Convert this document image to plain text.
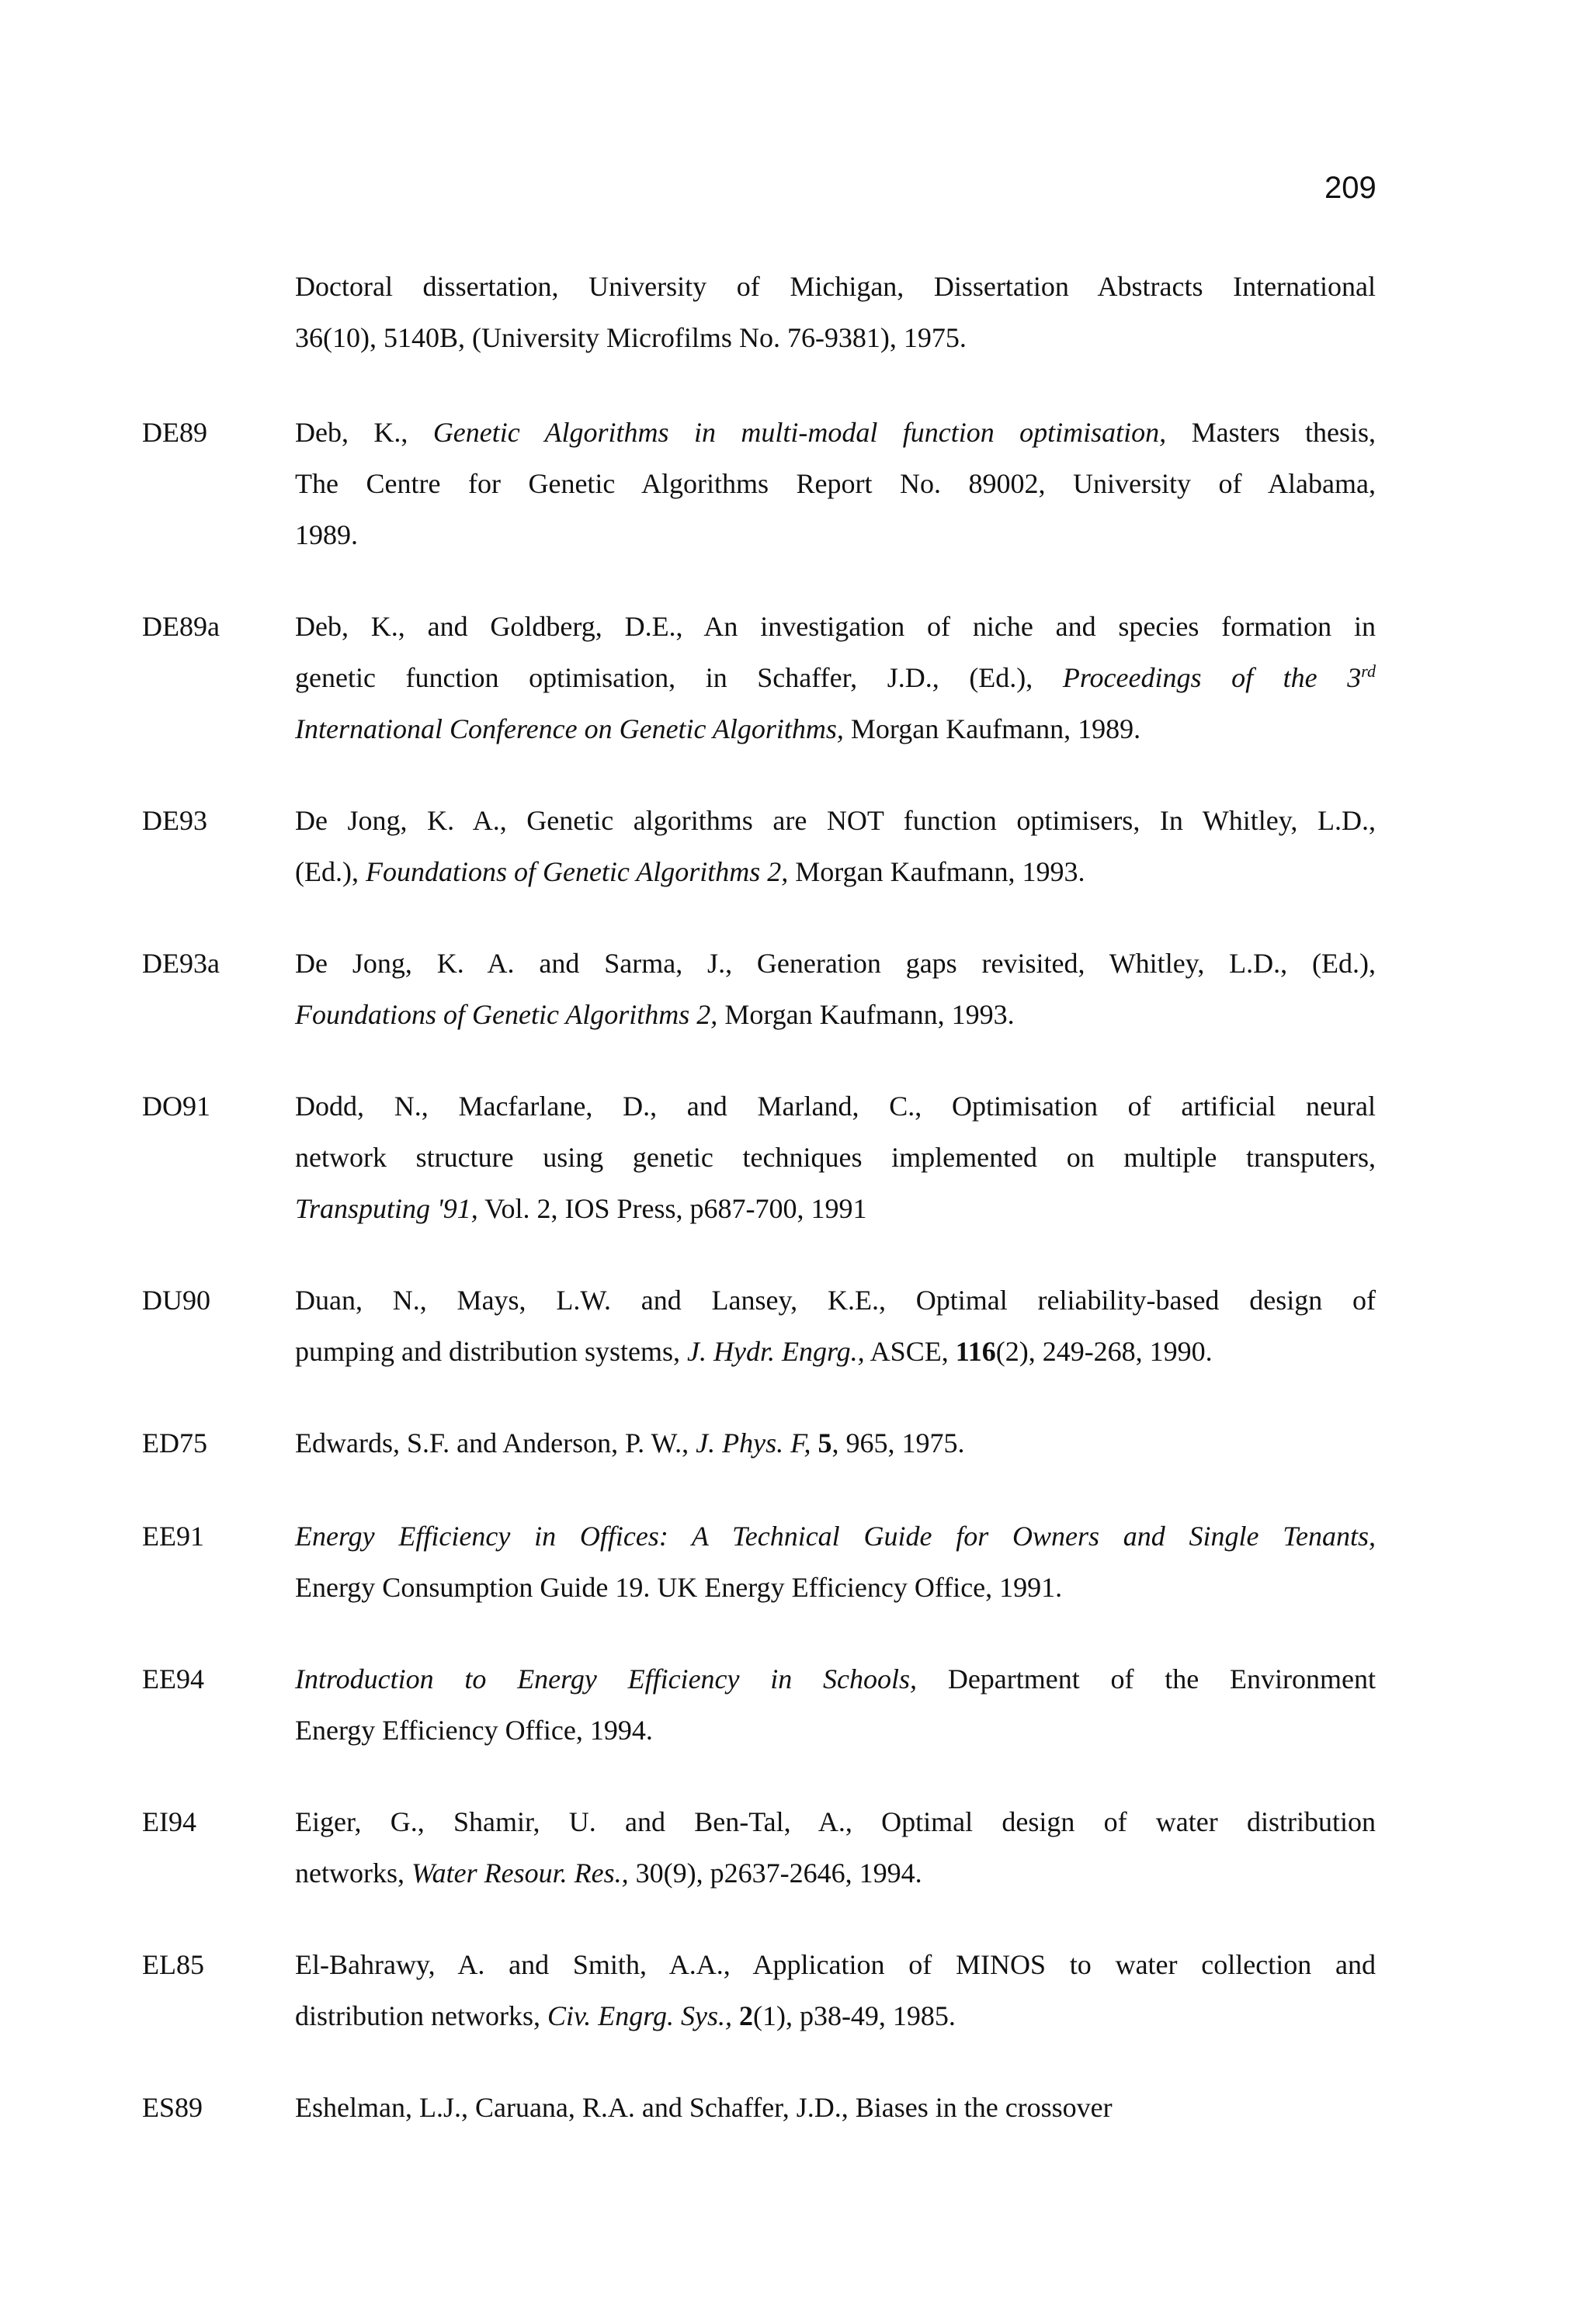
209
Doctoral dissertation, University of Michigan, Dissertation Abstracts International
36(10), 5140B, (University Microfilms No. 76-9381), 1975.
DE89	Deb, K., Genetic Algorithms in multi-modal function optimisation, Masters thesis,
The Centre for Genetic Algorithms Report No. 89002, University of Alabama,
1989.
DE89a	Deb, K., and Goldberg, D.E., An investigation of niche and species formation in
genetic function optimisation, in Schaffer, J.D., (Ed.), Proceedings of the 3rd
International Conference on Genetic Algorithms, Morgan Kaufmann, 1989.
DE93	De Jong, K. A., Genetic algorithms are NOT function optimisers, In Whitley, L.D.,
(Ed.), Foundations of Genetic Algorithms 2, Morgan Kaufmann, 1993.
DE93a	De Jong, K. A. and Sarma, J., Generation gaps revisited, Whitley, L.D., (Ed.),
Foundations of Genetic Algorithms 2, Morgan Kaufmann, 1993.
DO91	Dodd, N., Macfarlane, D., and Marland, C., Optimisation of artificial neural
network structure using genetic techniques implemented on multiple transputers,
Transputing '91, Vol. 2, IOS Press, p687-700, 1991
DU90	Duan, N., Mays, L.W. and Lansey, K.E., Optimal reliability-based design of
pumping and distribution systems, J. Hydr. Engrg., ASCE, 116(2), 249-268, 1990.
ED75	Edwards, S.F. and Anderson, P. W., J. Phys. F, 5, 965, 1975.
EE91	Energy Efficiency in Offices: A Technical Guide for Owners and Single Tenants,
Energy Consumption Guide 19. UK Energy Efficiency Office, 1991.
EE94	Introduction to Energy Efficiency in Schools, Department of the Environment
Energy Efficiency Office, 1994.
EI94	Eiger, G., Shamir, U. and Ben-Tal, A., Optimal design of water distribution
networks, Water Resour. Res., 30(9), p2637-2646, 1994.
EL85	El-Bahrawy, A. and Smith, A.A., Application of MINOS to water collection and
distribution networks, Civ. Engrg. Sys., 2(1), p38-49, 1985.
ES89	Eshelman, L.J., Caruana, R.A. and Schaffer, J.D., Biases in the crossover
